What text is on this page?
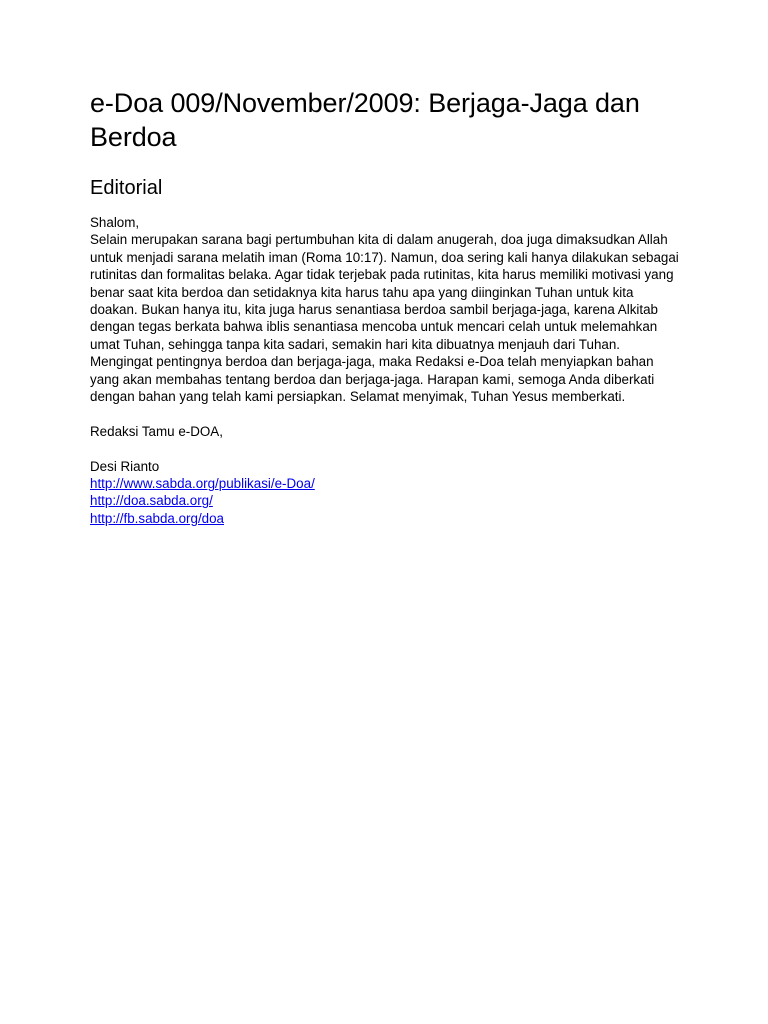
e-Doa 009/November/2009: Berjaga-Jaga dan Berdoa
Editorial

Shalom,

Selain merupakan sarana bagi pertumbuhan kita di dalam anugerah, doa juga dimaksudkan Allah untuk menjadi sarana melatih iman (Roma 10:17). Namun, doa sering kali hanya dilakukan sebagai rutinitas dan formalitas belaka. Agar tidak terjebak pada rutinitas, kita harus memiliki motivasi yang benar saat kita berdoa dan setidaknya kita harus tahu apa yang diinginkan Tuhan untuk kita doakan. Bukan hanya itu, kita juga harus senantiasa berdoa sambil berjaga-jaga, karena Alkitab dengan tegas berkata bahwa iblis senantiasa mencoba untuk mencari celah untuk melemahkan umat Tuhan, sehingga tanpa kita sadari, semakin hari kita dibuatnya menjauh dari Tuhan. Mengingat pentingnya berdoa dan berjaga-jaga, maka Redaksi e-Doa telah menyiapkan bahan yang akan membahas tentang berdoa dan berjaga-jaga. Harapan kami, semoga Anda diberkati dengan bahan yang telah kami persiapkan. Selamat menyimak, Tuhan Yesus memberkati.

Redaksi Tamu e-DOA,

Desi Rianto

http://www.sabda.org/publikasi/e-Doa/
http://doa.sabda.org/
http://fb.sabda.org/doa
